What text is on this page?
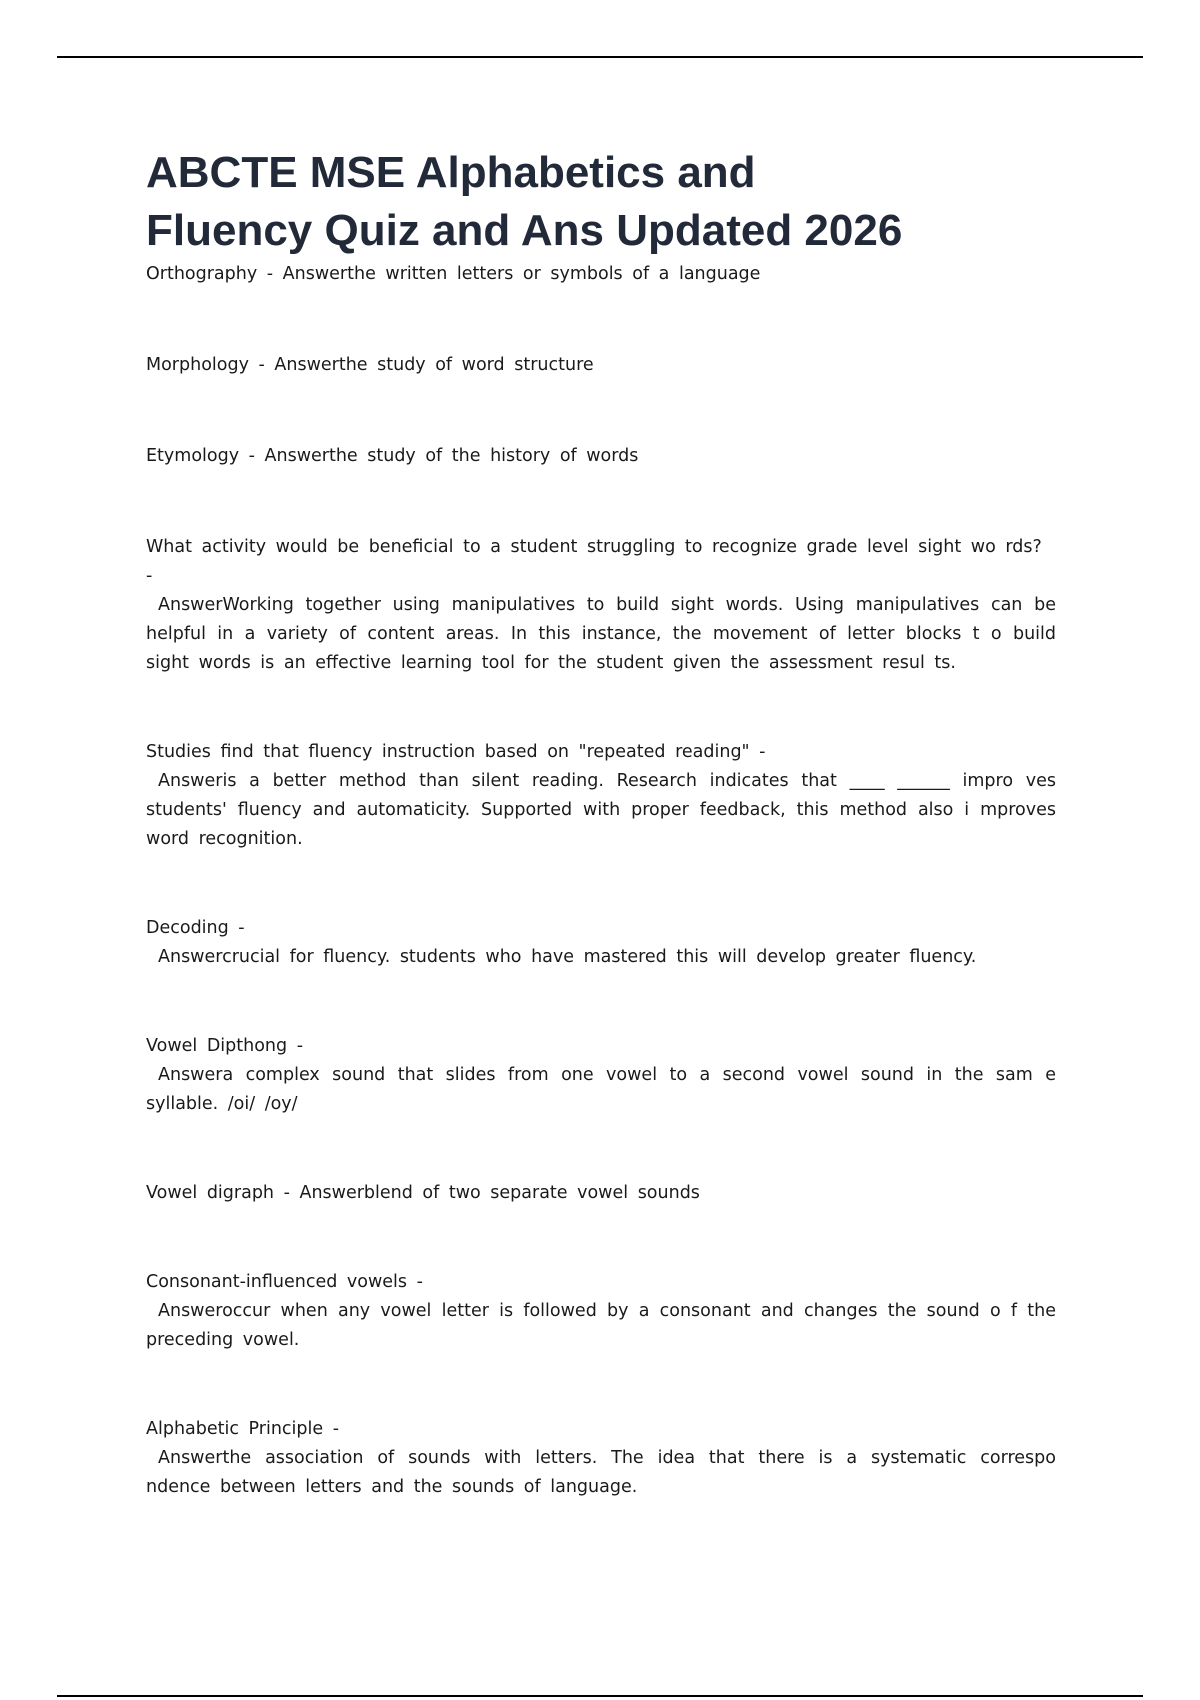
ABCTE MSE Alphabetics and
Fluency Quiz and Ans Updated 2026
Orthography - Answerthe written letters or symbols of a language
Morphology - Answerthe study of word structure
Etymology - Answerthe study of the history of words
What activity would be beneficial to a student struggling to recognize grade level sight wo rds? -
AnswerWorking together using manipulatives to build sight words. Using manipulatives can be helpful in a variety of content areas. In this instance, the movement of letter blocks t o build sight words is an effective learning tool for the student given the assessment resul ts.
Studies find that fluency instruction based on "repeated reading" -
Answeris a better method than silent reading. Research indicates that ____ ______ impro ves students' fluency and automaticity. Supported with proper feedback, this method also i mproves word recognition.
Decoding -
Answercrucial for fluency. students who have mastered this will develop greater fluency.
Vowel Dipthong -
Answera complex sound that slides from one vowel to a second vowel sound in the sam e syllable. /oi/ /oy/
Vowel digraph - Answerblend of two separate vowel sounds
Consonant-influenced vowels -
Answeroccur when any vowel letter is followed by a consonant and changes the sound o f the preceding vowel.
Alphabetic Principle -
Answerthe association of sounds with letters. The idea that there is a systematic correspo ndence between letters and the sounds of language.
